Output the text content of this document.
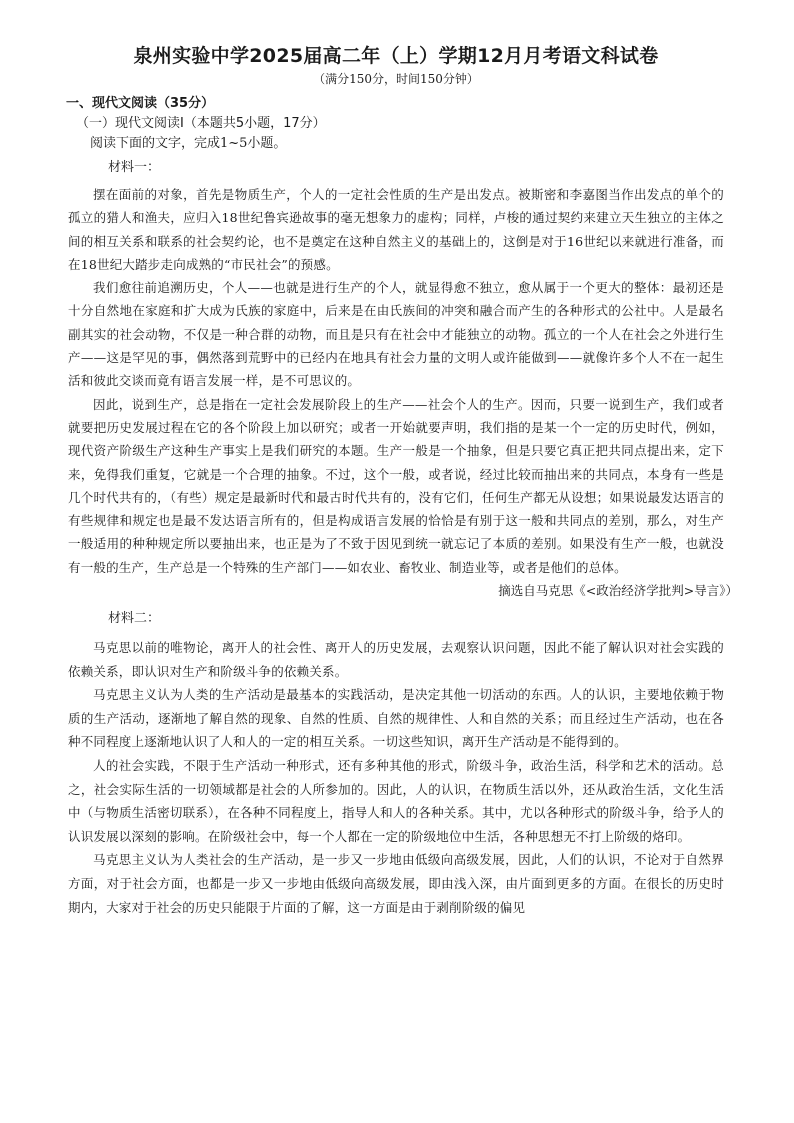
泉州实验中学2025届高二年（上）学期12月月考语文科试卷
（满分150分，时间150分钟）
一、现代文阅读（35分）
（一）现代文阅读Ⅰ（本题共5小题，17分）
阅读下面的文字，完成1~5小题。
材料一：

摆在面前的对象，首先是物质生产，个人的一定社会性质的生产是出发点。被斯密和李嘉图当作出发点的单个的孤立的猎人和渔夫，应归入18世纪鲁宾逊故事的毫无想象力的虚构；同样，卢梭的通过契约来建立天生独立的主体之间的相互关系和联系的社会契约论，也不是奠定在这种自然主义的基础上的，这倒是对于16世纪以来就进行准备，而在18世纪大踏步走向成熟的“市民社会”的预感。

我们愈往前追溯历史，个人——也就是进行生产的个人，就显得愈不独立，愈从属于一个更大的整体：最初还是十分自然地在家庭和扩大成为氏族的家庭中，后来是在由氏族间的冲突和融合而产生的各种形式的公社中。人是最名副其实的社会动物，不仅是一种合群的动物，而且是只有在社会中才能独立的动物。孤立的一个人在社会之外进行生产——这是罕见的事，偶然落到荒野中的已经内在地具有社会力量的文明人或许能做到——就像许多个人不在一起生活和彼此交谈而竟有语言发展一样，是不可思议的。

因此，说到生产，总是指在一定社会发展阶段上的生产——社会个人的生产。因而，只要一说到生产，我们或者就要把历史发展过程在它的各个阶段上加以研究；或者一开始就要声明，我们指的是某一个一定的历史时代，例如，现代资产阶级生产这种生产事实上是我们研究的本题。生产一般是一个抽象，但是只要它真正把共同点提出来，定下来，免得我们重复，它就是一个合理的抽象。不过，这个一般，或者说，经过比较而抽出来的共同点，本身有一些是几个时代共有的，（有些）规定是最新时代和最古时代共有的，没有它们，任何生产都无从设想；如果说最发达语言的有些规律和规定也是最不发达语言所有的，但是构成语言发展的恰恰是有别于这一般和共同点的差别，那么，对生产一般适用的种种规定所以要抽出来，也正是为了不致于因见到统一就忘记了本质的差别。如果没有生产一般，也就没有一般的生产，生产总是一个特殊的生产部门——如农业、畜牧业、制造业等，或者是他们的总体。

摘选自马克思《<政治经济学批判>导言》）
材料二：

马克思以前的唯物论，离开人的社会性、离开人的历史发展，去观察认识问题，因此不能了解认识对社会实践的依赖关系，即认识对生产和阶级斗争的依赖关系。

马克思主义认为人类的生产活动是最基本的实践活动，是决定其他一切活动的东西。人的认识，主要地依赖于物质的生产活动，逐渐地了解自然的现象、自然的性质、自然的规律性、人和自然的关系；而且经过生产活动，也在各种不同程度上逐渐地认识了人和人的一定的相互关系。一切这些知识，离开生产活动是不能得到的。

人的社会实践，不限于生产活动一种形式，还有多种其他的形式，阶级斗争，政治生活，科学和艺术的活动。总之，社会实际生活的一切领域都是社会的人所参加的。因此，人的认识，在物质生活以外，还从政治生活，文化生活中（与物质生活密切联系），在各种不同程度上，指导人和人的各种关系。其中，尤以各种形式的阶级斗争，给予人的认识发展以深刻的影响。在阶级社会中，每一个人都在一定的阶级地位中生活，各种思想无不打上阶级的烙印。

马克思主义认为人类社会的生产活动，是一步又一步地由低级向高级发展，因此，人们的认识，不论对于自然界方面，对于社会方面，也都是一步又一步地由低级向高级发展，即由浅入深，由片面到更多的方面。在很长的历史时期内，大家对于社会的历史只能限于片面的了解，这一方面是由于剥削阶级的偏见
